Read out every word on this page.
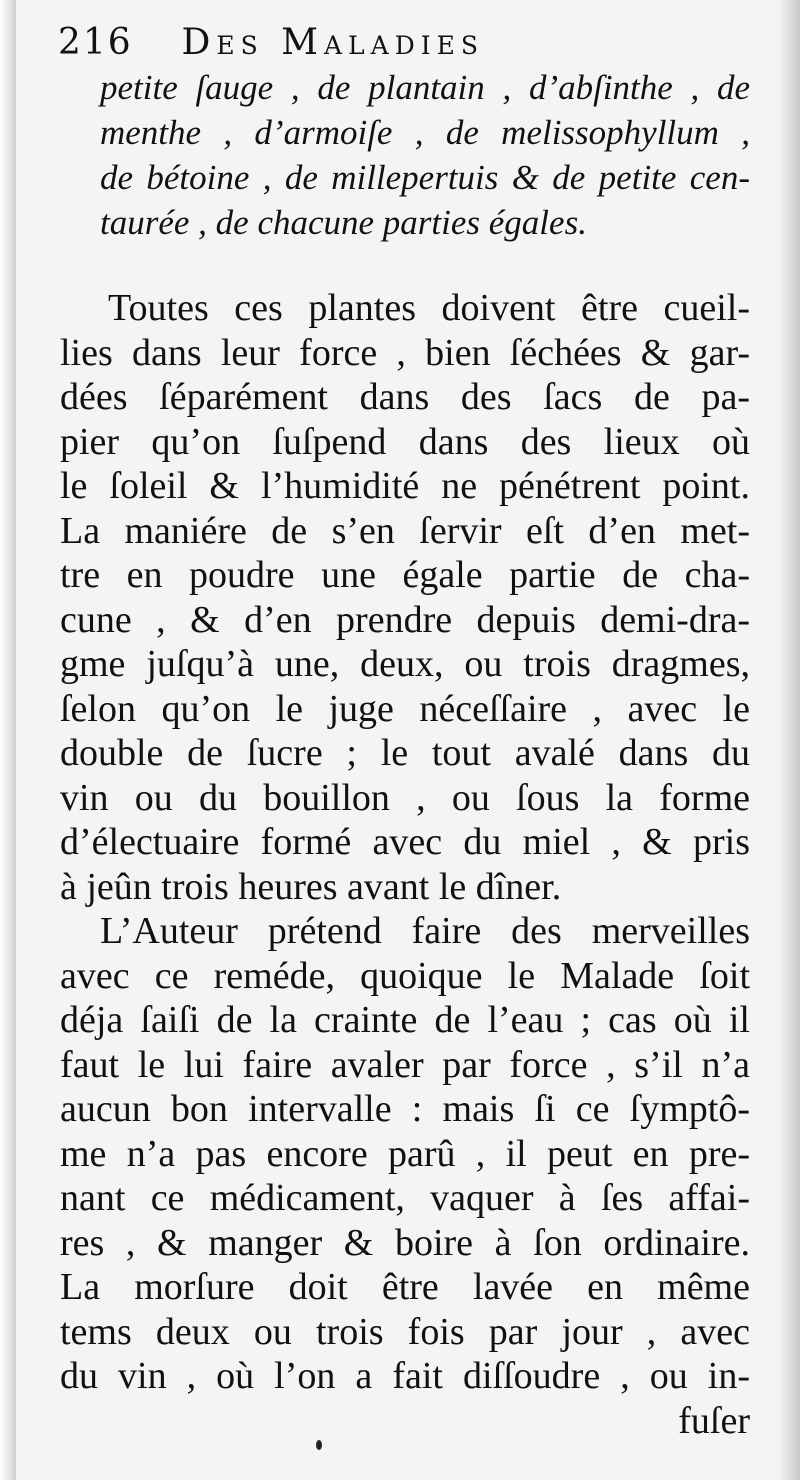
216 Des Maladies
petite ſauge , de plantain , d’abſinthe , de
menthe , d’armoiſe , de melissophyllum ,
de bétoine , de millepertuis & de petite cen-
taurée , de chacune parties égales.
Toutes ces plantes doivent être cueil-
lies dans leur force , bien ſéchées & gar-
dées ſéparément dans des ſacs de pa-
pier qu’on ſuſpend dans des lieux où
le ſoleil & l’humidité ne pénétrent point.
La maniére de s’en ſervir eſt d’en met-
tre en poudre une égale partie de cha-
cune , & d’en prendre depuis demi-dra-
gme juſqu’à une, deux, ou trois dragmes,
ſelon qu’on le juge néceſſaire , avec le
double de ſucre ; le tout avalé dans du
vin ou du bouillon , ou ſous la forme
d’électuaire formé avec du miel , & pris
à jeûn trois heures avant le dîner.
L’Auteur prétend faire des merveilles
avec ce reméde, quoique le Malade ſoit
déja ſaiſi de la crainte de l’eau ; cas où il
faut le lui faire avaler par force , s’il n’a
aucun bon intervalle : mais ſi ce ſymptô-
me n’a pas encore parû , il peut en pre-
nant ce médicament, vaquer à ſes affai-
res , & manger & boire à ſon ordinaire.
La morſure doit être lavée en même
tems deux ou trois fois par jour , avec
du vin , où l’on a fait diſſoudre , ou in-
fuſer
